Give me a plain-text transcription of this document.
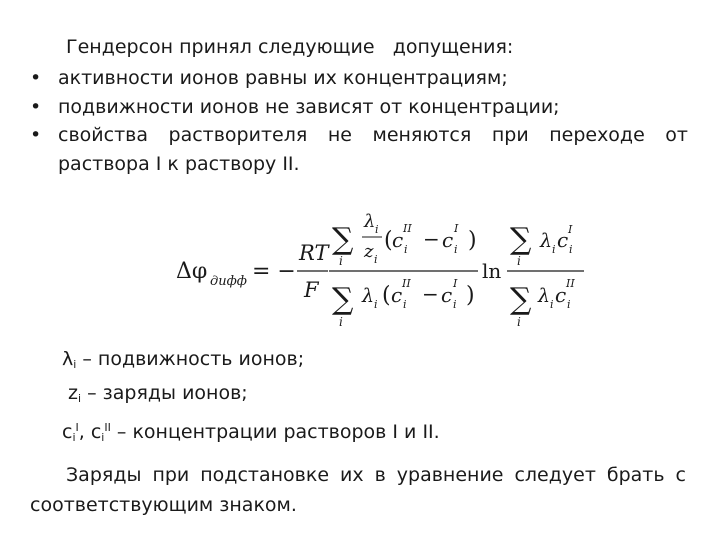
Гендерсон принял следующие   допущения:
• активности ионов равны их концентрациям;
• подвижности ионов не зависят от концентрации;
• свойства растворителя не меняются при переходе от
раствора I к раствору II.
Δφ дифф = −
RT
F
∑
i
λ i
z i
( c II
i − c I
i )
∑
i
λ i ( c II
i − c I
i )
ln
∑
i
λ i c I
i
∑
i
λ i c II
i
$\lambda_i$ – подвижность ионов;
$z_i$ – заряды ионов;
$c_i^I$, $c_i^{II}$ – концентрации растворов I и II.
Заряды при подстановке их в уравнение следует брать с
соответствующим знаком.
